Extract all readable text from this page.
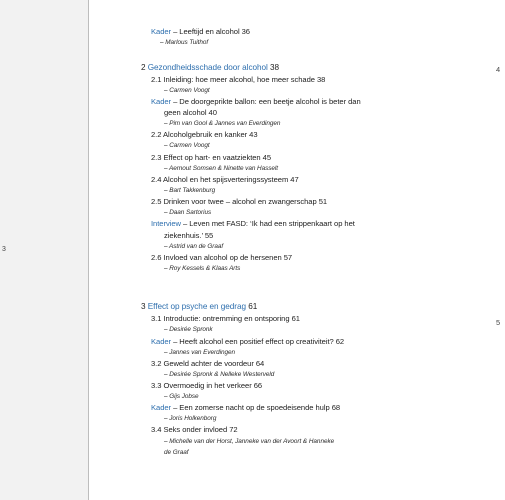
3
Kader – Leeftijd en alcohol 36
– Marlous Tuithof
2 Gezondheidsschade door alcohol 38
2.1 Inleiding: hoe meer alcohol, hoe meer schade 38
– Carmen Voogt
Kader – De doorgeprikte ballon: een beetje alcohol is beter dan
geen alcohol 40
– Pim van Gool & Jannes van Everdingen
2.2 Alcoholgebruik en kanker 43
– Carmen Voogt
2.3 Effect op hart- en vaatziekten 45
– Aernout Somsen & Ninette van Hasselt
2.4 Alcohol en het spijsverteringssysteem 47
– Bart Takkenburg
2.5 Drinken voor twee – alcohol en zwangerschap 51
– Daan Sartorius
Interview – Leven met FASD: ‘Ik had een strippenkaart op het
ziekenhuis.’ 55
– Astrid van de Graaf
2.6 Invloed van alcohol op de hersenen 57
– Roy Kessels & Klaas Arts
3 Effect op psyche en gedrag 61
3.1 Introductie: ontremming en ontsporing 61
– Desirée Spronk
Kader – Heeft alcohol een positief effect op creativiteit? 62
– Jannes van Everdingen
3.2 Geweld achter de voordeur 64
– Desirée Spronk & Nelleke Westerveld
3.3 Overmoedig in het verkeer 66
– Gijs Jobse
Kader – Een zomerse nacht op de spoedeisende hulp 68
– Joris Holkenborg
3.4 Seks onder invloed 72
– Michelle van der Horst, Janneke van der Avoort & Hanneke
de Graaf
4
5
